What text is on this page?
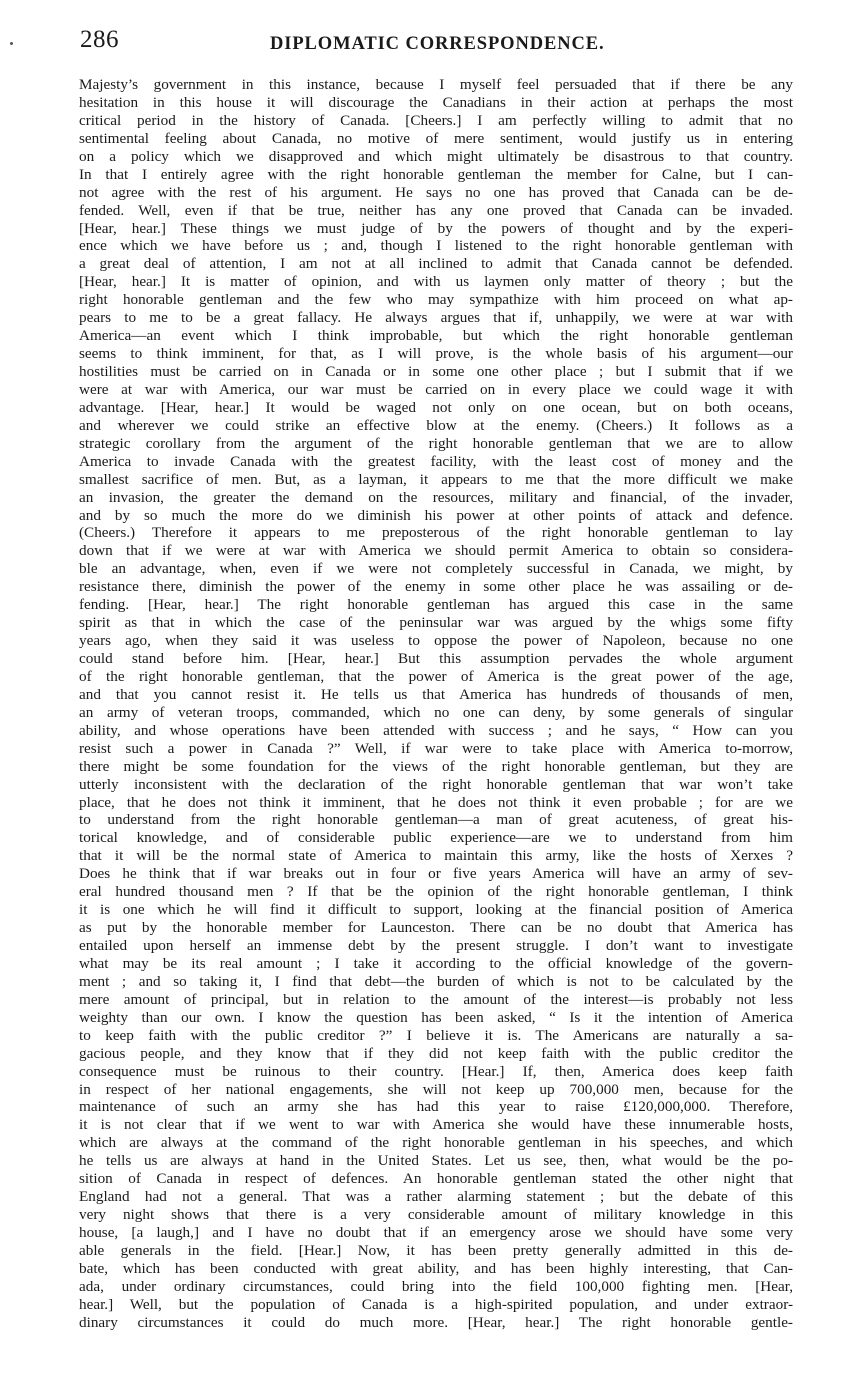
286	DIPLOMATIC CORRESPONDENCE.
Majesty’s government in this instance, because I myself feel persuaded that if there be any
hesitation in this house it will discourage the Canadians in their action at perhaps the most
critical period in the history of Canada. [Cheers.] I am perfectly willing to admit that no
sentimental feeling about Canada, no motive of mere sentiment, would justify us in entering
on a policy which we disapproved and which might ultimately be disastrous to that country.
In that I entirely agree with the right honorable gentleman the member for Calne, but I can-
not agree with the rest of his argument. He says no one has proved that Canada can be de-
fended. Well, even if that be true, neither has any one proved that Canada can be invaded.
[Hear, hear.] These things we must judge of by the powers of thought and by the experi-
ence which we have before us ; and, though I listened to the right honorable gentleman with
a great deal of attention, I am not at all inclined to admit that Canada cannot be defended.
[Hear, hear.] It is matter of opinion, and with us laymen only matter of theory ; but the
right honorable gentleman and the few who may sympathize with him proceed on what ap-
pears to me to be a great fallacy. He always argues that if, unhappily, we were at war with
America—an event which I think improbable, but which the right honorable gentleman
seems to think imminent, for that, as I will prove, is the whole basis of his argument—our
hostilities must be carried on in Canada or in some one other place ; but I submit that if we
were at war with America, our war must be carried on in every place we could wage it with
advantage. [Hear, hear.] It would be waged not only on one ocean, but on both oceans,
and wherever we could strike an effective blow at the enemy. (Cheers.) It follows as a
strategic corollary from the argument of the right honorable gentleman that we are to allow
America to invade Canada with the greatest facility, with the least cost of money and the
smallest sacrifice of men. But, as a layman, it appears to me that the more difficult we make
an invasion, the greater the demand on the resources, military and financial, of the invader,
and by so much the more do we diminish his power at other points of attack and defence.
(Cheers.) Therefore it appears to me preposterous of the right honorable gentleman to lay
down that if we were at war with America we should permit America to obtain so considera-
ble an advantage, when, even if we were not completely successful in Canada, we might, by
resistance there, diminish the power of the enemy in some other place he was assailing or de-
fending. [Hear, hear.] The right honorable gentleman has argued this case in the same
spirit as that in which the case of the peninsular war was argued by the whigs some fifty
years ago, when they said it was useless to oppose the power of Napoleon, because no one
could stand before him. [Hear, hear.] But this assumption pervades the whole argument
of the right honorable gentleman, that the power of America is the great power of the age,
and that you cannot resist it. He tells us that America has hundreds of thousands of men,
an army of veteran troops, commanded, which no one can deny, by some generals of singular
ability, and whose operations have been attended with success ; and he says, “ How can you
resist such a power in Canada ?” Well, if war were to take place with America to-morrow,
there might be some foundation for the views of the right honorable gentleman, but they are
utterly inconsistent with the declaration of the right honorable gentleman that war won’t take
place, that he does not think it imminent, that he does not think it even probable ; for are we
to understand from the right honorable gentleman—a man of great acuteness, of great his-
torical knowledge, and of considerable public experience—are we to understand from him
that it will be the normal state of America to maintain this army, like the hosts of Xerxes ?
Does he think that if war breaks out in four or five years America will have an army of sev-
eral hundred thousand men ? If that be the opinion of the right honorable gentleman, I think
it is one which he will find it difficult to support, looking at the financial position of America
as put by the honorable member for Launceston. There can be no doubt that America has
entailed upon herself an immense debt by the present struggle. I don’t want to investigate
what may be its real amount ; I take it according to the official knowledge of the govern-
ment ; and so taking it, I find that debt—the burden of which is not to be calculated by the
mere amount of principal, but in relation to the amount of the interest—is probably not less
weighty than our own. I know the question has been asked, “ Is it the intention of America
to keep faith with the public creditor ?” I believe it is. The Americans are naturally a sa-
gacious people, and they know that if they did not keep faith with the public creditor the
consequence must be ruinous to their country. [Hear.] If, then, America does keep faith
in respect of her national engagements, she will not keep up 700,000 men, because for the
maintenance of such an army she has had this year to raise £120,000,000. Therefore,
it is not clear that if we went to war with America she would have these innumerable hosts,
which are always at the command of the right honorable gentleman in his speeches, and which
he tells us are always at hand in the United States. Let us see, then, what would be the po-
sition of Canada in respect of defences. An honorable gentleman stated the other night that
England had not a general. That was a rather alarming statement ; but the debate of this
very night shows that there is a very considerable amount of military knowledge in this
house, [a laugh,] and I have no doubt that if an emergency arose we should have some very
able generals in the field. [Hear.] Now, it has been pretty generally admitted in this de-
bate, which has been conducted with great ability, and has been highly interesting, that Can-
ada, under ordinary circumstances, could bring into the field 100,000 fighting men. [Hear,
hear.] Well, but the population of Canada is a high-spirited population, and under extraor-
dinary circumstances it could do much more. [Hear, hear.] The right honorable gentle-
